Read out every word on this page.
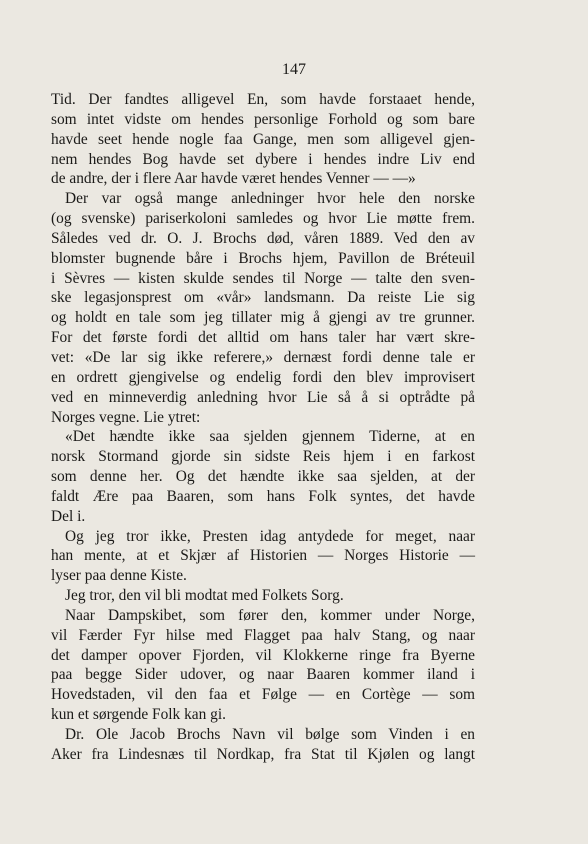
147
Tid. Der fandtes alligevel En, som havde forstaaet hende,
som intet vidste om hendes personlige Forhold og som bare
havde seet hende nogle faa Gange, men som alligevel gjen-
nem hendes Bog havde set dybere i hendes indre Liv end
de andre, der i flere Aar havde været hendes Venner — —»
Der var også mange anledninger hvor hele den norske
(og svenske) pariserkoloni samledes og hvor Lie møtte frem.
Således ved dr. O. J. Brochs død, våren 1889. Ved den av
blomster bugnende båre i Brochs hjem, Pavillon de Bréteuil
i Sèvres — kisten skulde sendes til Norge — talte den sven-
ske legasjonsprest om «vår» landsmann. Da reiste Lie sig
og holdt en tale som jeg tillater mig å gjengi av tre grunner.
For det første fordi det alltid om hans taler har vært skre-
vet: «De lar sig ikke referere,» dernæst fordi denne tale er
en ordrett gjengivelse og endelig fordi den blev improvisert
ved en minneverdig anledning hvor Lie så å si optrådte på
Norges vegne. Lie ytret:
«Det hændte ikke saa sjelden gjennem Tiderne, at en
norsk Stormand gjorde sin sidste Reis hjem i en farkost
som denne her. Og det hændte ikke saa sjelden, at der
faldt Ære paa Baaren, som hans Folk syntes, det havde
Del i.
Og jeg tror ikke, Presten idag antydede for meget, naar
han mente, at et Skjær af Historien — Norges Historie —
lyser paa denne Kiste.
Jeg tror, den vil bli modtat med Folkets Sorg.
Naar Dampskibet, som fører den, kommer under Norge,
vil Færder Fyr hilse med Flagget paa halv Stang, og naar
det damper opover Fjorden, vil Klokkerne ringe fra Byerne
paa begge Sider udover, og naar Baaren kommer iland i
Hovedstaden, vil den faa et Følge — en Cortège — som
kun et sørgende Folk kan gi.
Dr. Ole Jacob Brochs Navn vil bølge som Vinden i en
Aker fra Lindesnæs til Nordkap, fra Stat til Kjølen og langt
